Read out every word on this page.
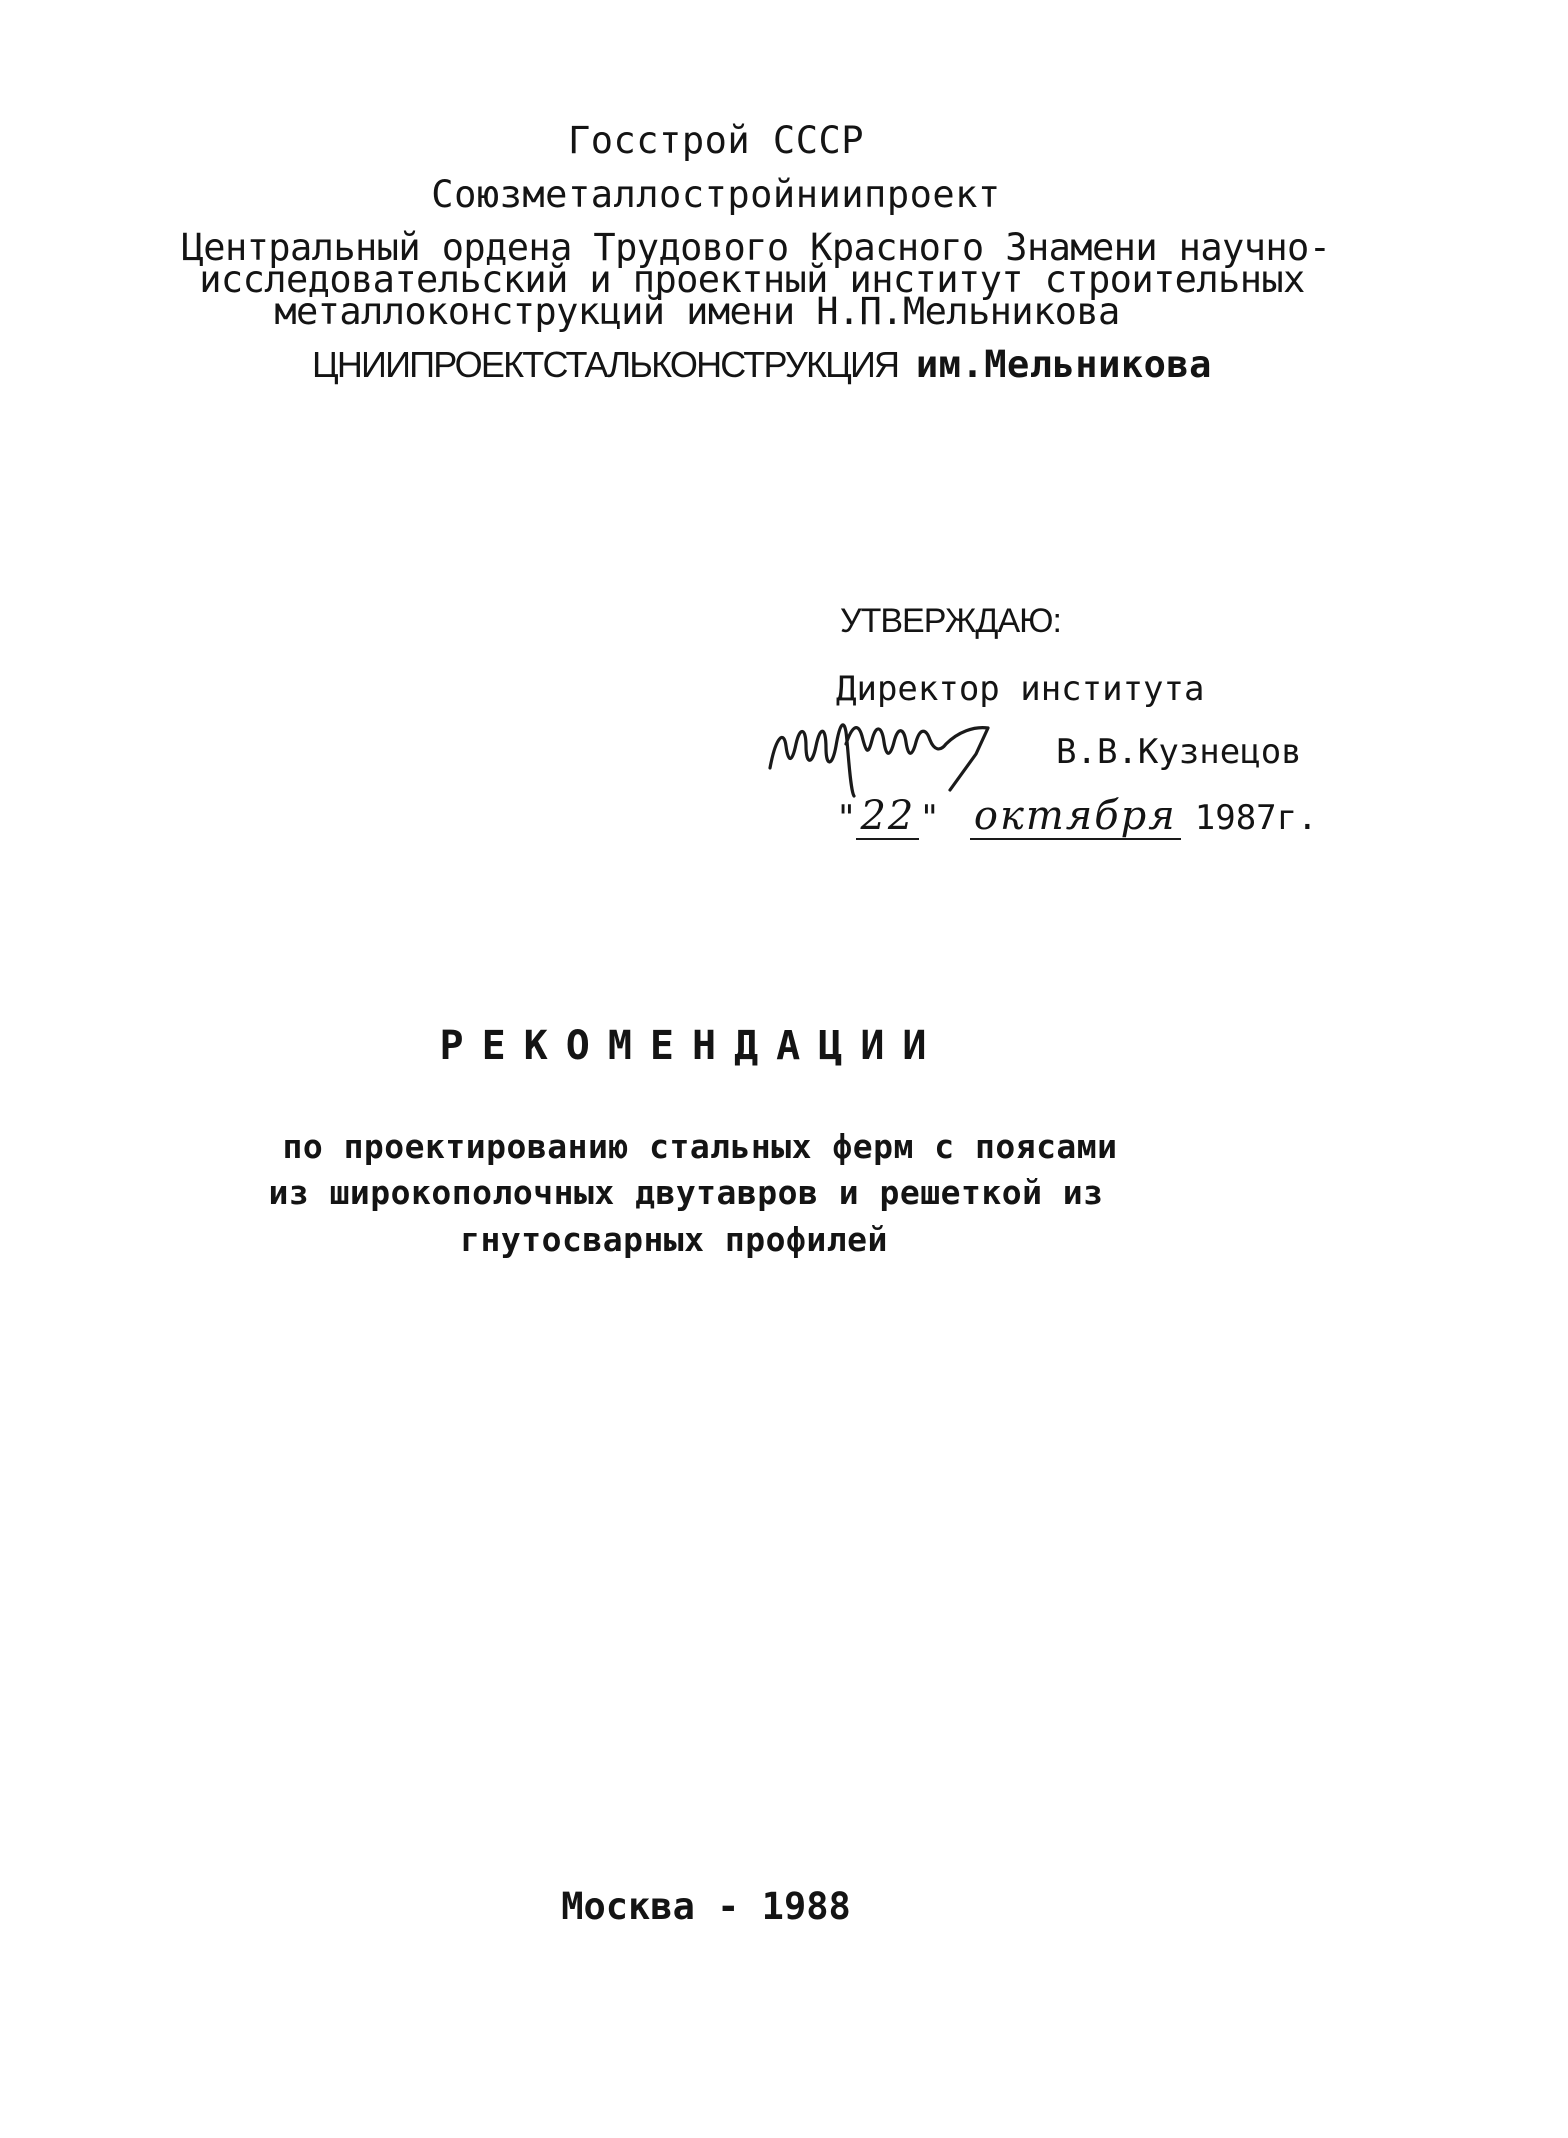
Госстрой СССР
Союзметаллостройниипроект
Центральный ордена Трудового Красного Знамени научно-
исследовательский и проектный институт строительных
металлоконструкций имени Н.П.Мельникова
ЦНИИПРОЕКТСТАЛЬКОНСТРУКЦИЯ им.Мельникова
УТВЕРЖДАЮ:
Директор института
В.В.Кузнецов
" 22 " октября 1987г.
РЕКОМЕНДАЦИИ
по проектированию стальных ферм с поясами
из широкополочных двутавров и решеткой из
гнутосварных профилей
Москва - 1988
